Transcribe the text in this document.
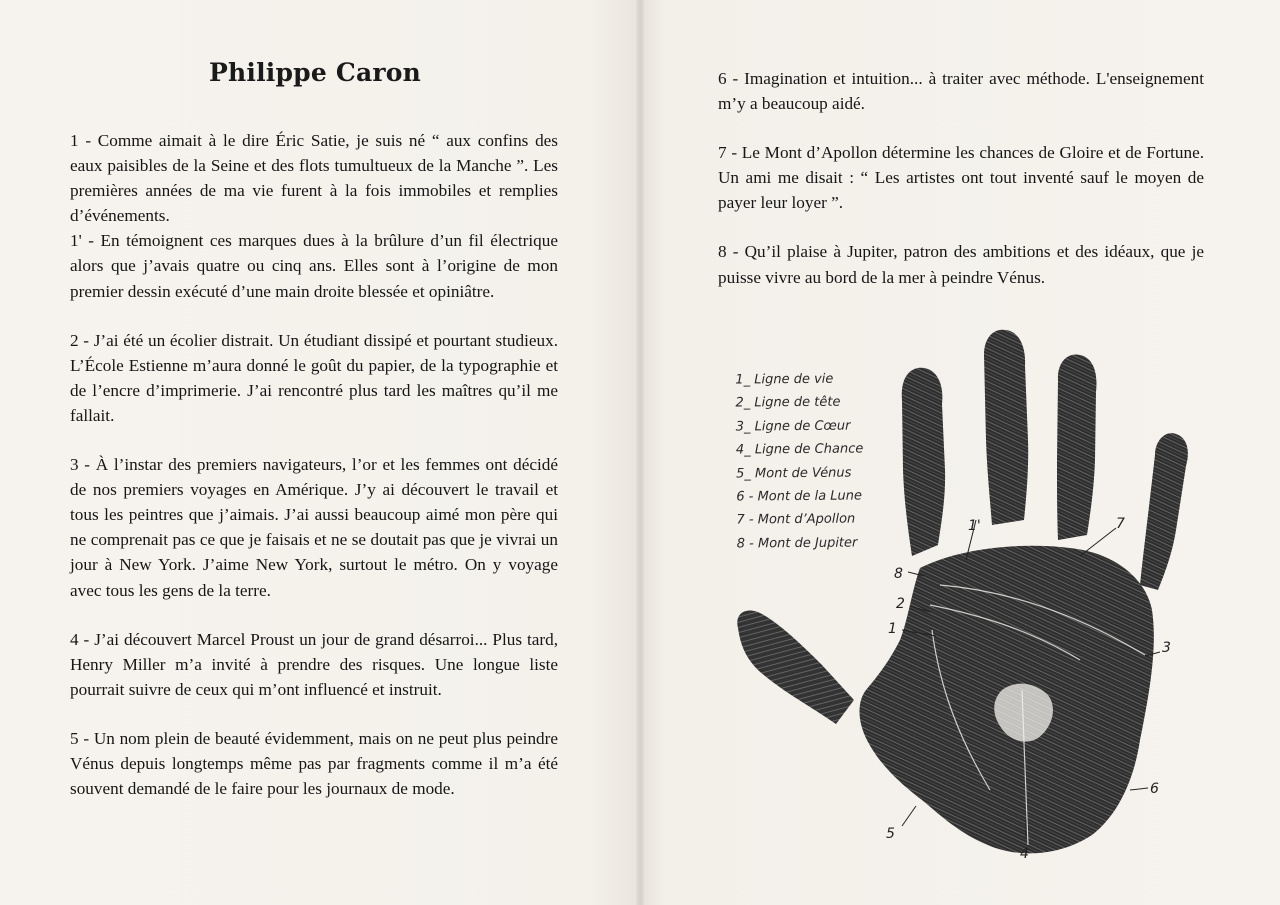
Philippe Caron

1 - Comme aimait à le dire Éric Satie, je suis né “ aux confins des eaux paisibles de la Seine et des flots tumultueux de la Manche ”. Les premières années de ma vie furent à la fois immobiles et remplies d’événements.

1' - En témoignent ces marques dues à la brûlure d’un fil électrique alors que j’avais quatre ou cinq ans. Elles sont à l’origine de mon premier dessin exécuté d’une main droite blessée et opiniâtre.

2 - J’ai été un écolier distrait. Un étudiant dissipé et pourtant studieux. L’École Estienne m’aura donné le goût du papier, de la typographie et de l’encre d’imprimerie. J’ai rencontré plus tard les maîtres qu’il me fallait.

3 - À l’instar des premiers navigateurs, l’or et les femmes ont décidé de nos premiers voyages en Amérique. J’y ai découvert le travail et tous les peintres que j’aimais. J’ai aussi beaucoup aimé mon père qui ne comprenait pas ce que je faisais et ne se doutait pas que je vivrai un jour à New York. J’aime New York, surtout le métro. On y voyage avec tous les gens de la terre.

4 - J’ai découvert Marcel Proust un jour de grand désarroi... Plus tard, Henry Miller m’a invité à prendre des risques. Une longue liste pourrait suivre de ceux qui m’ont influencé et instruit.

5 - Un nom plein de beauté évidemment, mais on ne peut plus peindre Vénus depuis longtemps même pas par fragments comme il m’a été souvent demandé de le faire pour les journaux de mode.

6 - Imagination et intuition... à traiter avec méthode. L'enseignement m’y a beaucoup aidé.

7 - Le Mont d’Apollon détermine les chances de Gloire et de Fortune. Un ami me disait : “ Les artistes ont tout inventé sauf le moyen de payer leur loyer ”.

8 - Qu’il plaise à Jupiter, patron des ambitions et des idéaux, que je puisse vivre au bord de la mer à peindre Vénus.

1'	7
8
2
1
3
4
5
6
1_ Ligne de vie
2_ Ligne de tête
3_ Ligne de Cœur
4_ Ligne de Chance
5_ Mont de Vénus
6 - Mont de la Lune
7 - Mont d’Apollon
8 - Mont de Jupiter
